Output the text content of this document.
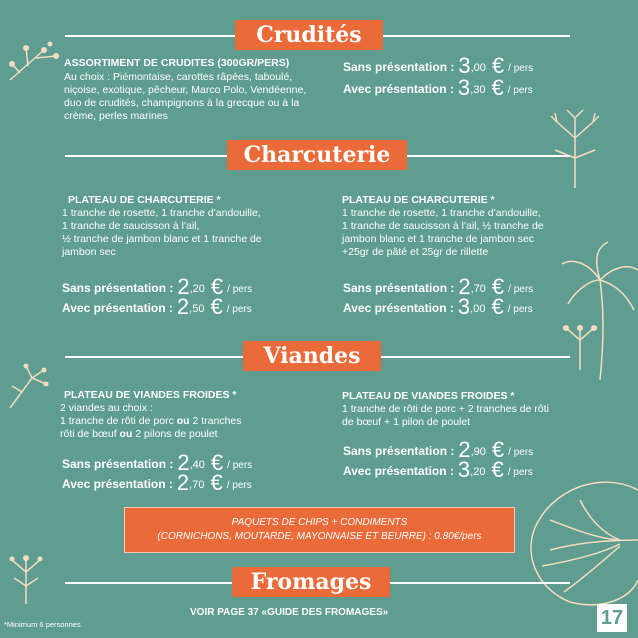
Crudités
ASSORTIMENT DE CRUDITES (300GR/PERS)
Au choix : Piémontaise, carottes râpées, taboulé,
niçoise, exotique, pêcheur, Marco Polo, Vendéenne,
duo de crudités, champignons à la grecque ou à la
crème, perles marines
Sans présentation : 3,00 € / pers
Avec présentation : 3,30 € / pers
Charcuterie
PLATEAU DE CHARCUTERIE *
1 tranche de rosette, 1 tranche d'andouille,
1 tranche de saucisson à l'ail,
½ tranche de jambon blanc et 1 tranche de
jambon sec
Sans présentation : 2,20 € / pers
Avec présentation : 2,50 € / pers
PLATEAU DE CHARCUTERIE *
1 tranche de rosette, 1 tranche d'andouille,
1 tranche de saucisson à l'ail, ½ tranche de
jambon blanc et 1 tranche de jambon sec
+25gr de pâté et 25gr de rillette
Sans présentation : 2,70 € / pers
Avec présentation : 3,00 € / pers
Viandes
PLATEAU DE VIANDES FROIDES *
2 viandes au choix :
1 tranche de rôti de porc ou 2 tranches
rôti de bœuf ou 2 pilons de poulet
Sans présentation : 2,40 € / pers
Avec présentation : 2,70 € / pers
PLATEAU DE VIANDES FROIDES *
1 tranche de rôti de porc + 2 tranches de rôti
de bœuf + 1 pilon de poulet
Sans présentation : 2,90 € / pers
Avec présentation : 3,20 € / pers
PAQUETS DE CHIPS + CONDIMENTS
(CORNICHONS, MOUTARDE, MAYONNAISE ET BEURRE) : 0.80€/pers
Fromages
VOIR PAGE 37 «GUIDE DES FROMAGES»
*Minimum 6 personnes	17
